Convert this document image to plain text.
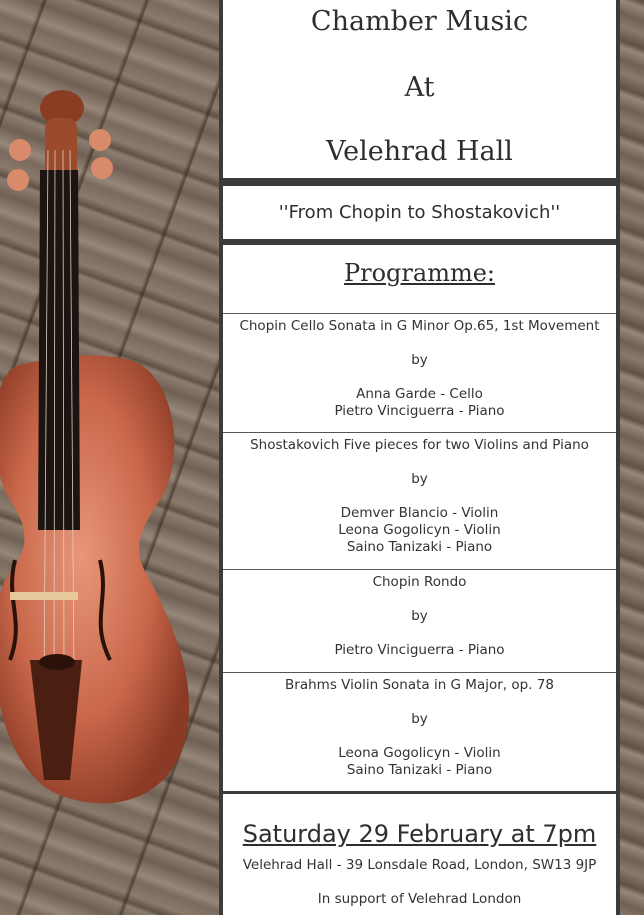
Chamber Music
At
Velehrad Hall
''From Chopin to Shostakovich''
Programme:
Chopin Cello Sonata in G Minor Op.65, 1st Movement
by
Anna Garde - Cello
Pietro Vinciguerra - Piano
Shostakovich Five pieces for two Violins and Piano
by
Demver Blancio - Violin
Leona Gogolicyn - Violin
Saino Tanizaki - Piano
Chopin Rondo
by
Pietro Vinciguerra - Piano
Brahms Violin Sonata in G Major, op. 78
by
Leona Gogolicyn - Violin
Saino Tanizaki - Piano
Saturday 29 February at 7pm
Velehrad Hall - 39 Lonsdale Road, London, SW13 9JP
In support of Velehrad London
